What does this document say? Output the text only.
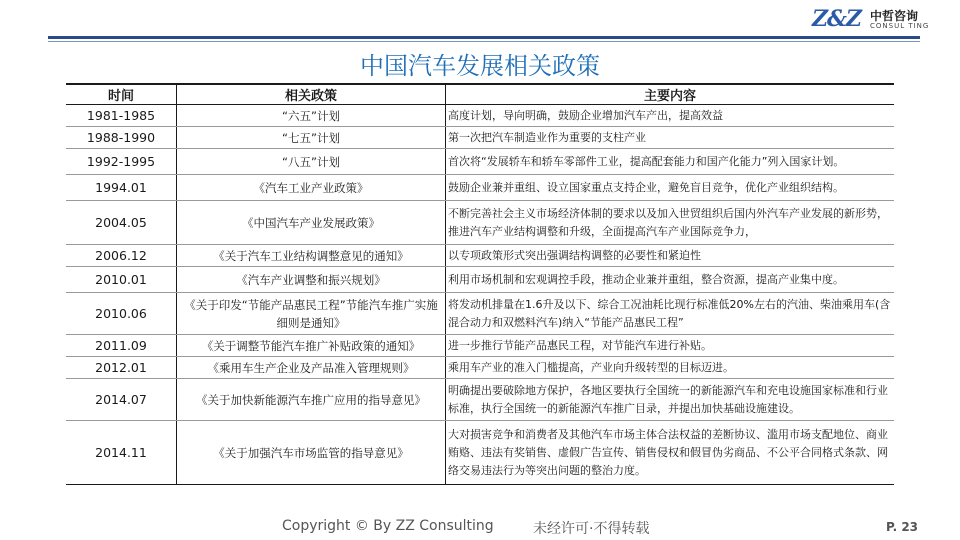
Z&Z 中哲咨询
CONSUL TING
中国汽车发展相关政策
时间	相关政策	主要内容
1981-1985	“六五”计划	高度计划，导向明确，鼓励企业增加汽车产出，提高效益
1988-1990	“七五”计划	第一次把汽车制造业作为重要的支柱产业
1992-1995	“八五”计划	首次将“发展轿车和轿车零部件工业，提高配套能力和国产化能力”列入国家计划。
1994.01	《汽车工业产业政策》	鼓励企业兼并重组、设立国家重点支持企业，避免盲目竞争，优化产业组织结构。
2004.05	《中国汽车产业发展政策》	不断完善社会主义市场经济体制的要求以及加入世贸组织后国内外汽车产业发展的新形势，推进汽车产业结构调整和升级，全面提高汽车产业国际竞争力，
2006.12	《关于汽车工业结构调整意见的通知》	以专项政策形式突出强调结构调整的必要性和紧迫性
2010.01	《汽车产业调整和振兴规划》	利用市场机制和宏观调控手段，推动企业兼并重组，整合资源，提高产业集中度。
2010.06	《关于印发“节能产品惠民工程”节能汽车推广实施细则是通知》	将发动机排量在1.6升及以下、综合工况油耗比现行标准低20%左右的汽油、柴油乘用车(含混合动力和双燃料汽车)纳入“节能产品惠民工程”
2011.09	《关于调整节能汽车推广补贴政策的通知》	进一步推行节能产品惠民工程，对节能汽车进行补贴。
2012.01	《乘用车生产企业及产品准入管理规则》	乘用车产业的准入门槛提高，产业向升级转型的目标迈进。
2014.07	《关于加快新能源汽车推广应用的指导意见》	明确提出要破除地方保护，各地区要执行全国统一的新能源汽车和充电设施国家标准和行业标准，执行全国统一的新能源汽车推广目录，并提出加快基础设施建设。
2014.11	《关于加强汽车市场监管的指导意见》	大对损害竞争和消费者及其他汽车市场主体合法权益的差断协议、滥用市场支配地位、商业贿赂、违法有奖销售、虚假广告宣传、销售侵权和假冒伪劣商品、不公平合同格式条款、网络交易违法行为等突出问题的整治力度。
Copyright © By ZZ Consulting	未经许可·不得转载	P. 23
